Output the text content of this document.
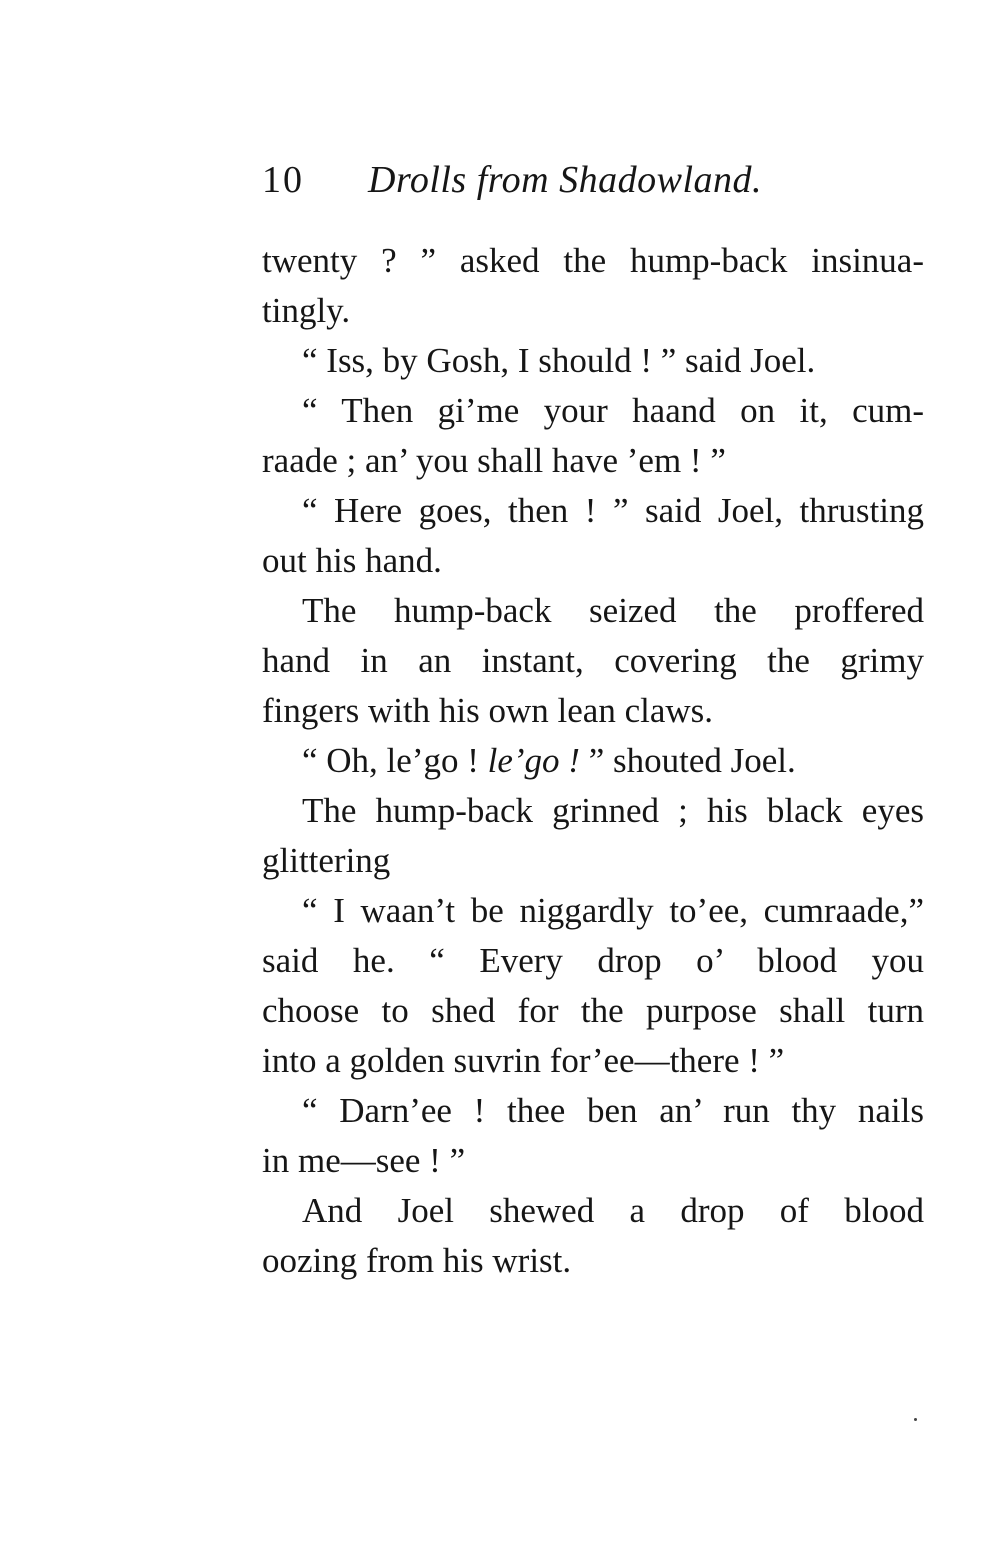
10 Drolls from Shadowland.
twenty ? ” asked the hump-back insinua-
tingly.
“ Iss, by Gosh, I should ! ” said Joel.
“ Then gi’me your haand on it, cum-
raade ; an’ you shall have ’em ! ”
“ Here goes, then ! ” said Joel, thrusting
out his hand.
The hump-back seized the proffered
hand in an instant, covering the grimy
fingers with his own lean claws.
“ Oh, le’go ! le’go ! ” shouted Joel.
The hump-back grinned ; his black eyes
glittering
“ I waan’t be niggardly to’ee, cumraade,”
said he. “ Every drop o’ blood you
choose to shed for the purpose shall turn
into a golden suvrin for’ee—there ! ”
“ Darn’ee ! thee ben an’ run thy nails
in me—see ! ”
And Joel shewed a drop of blood
oozing from his wrist.
